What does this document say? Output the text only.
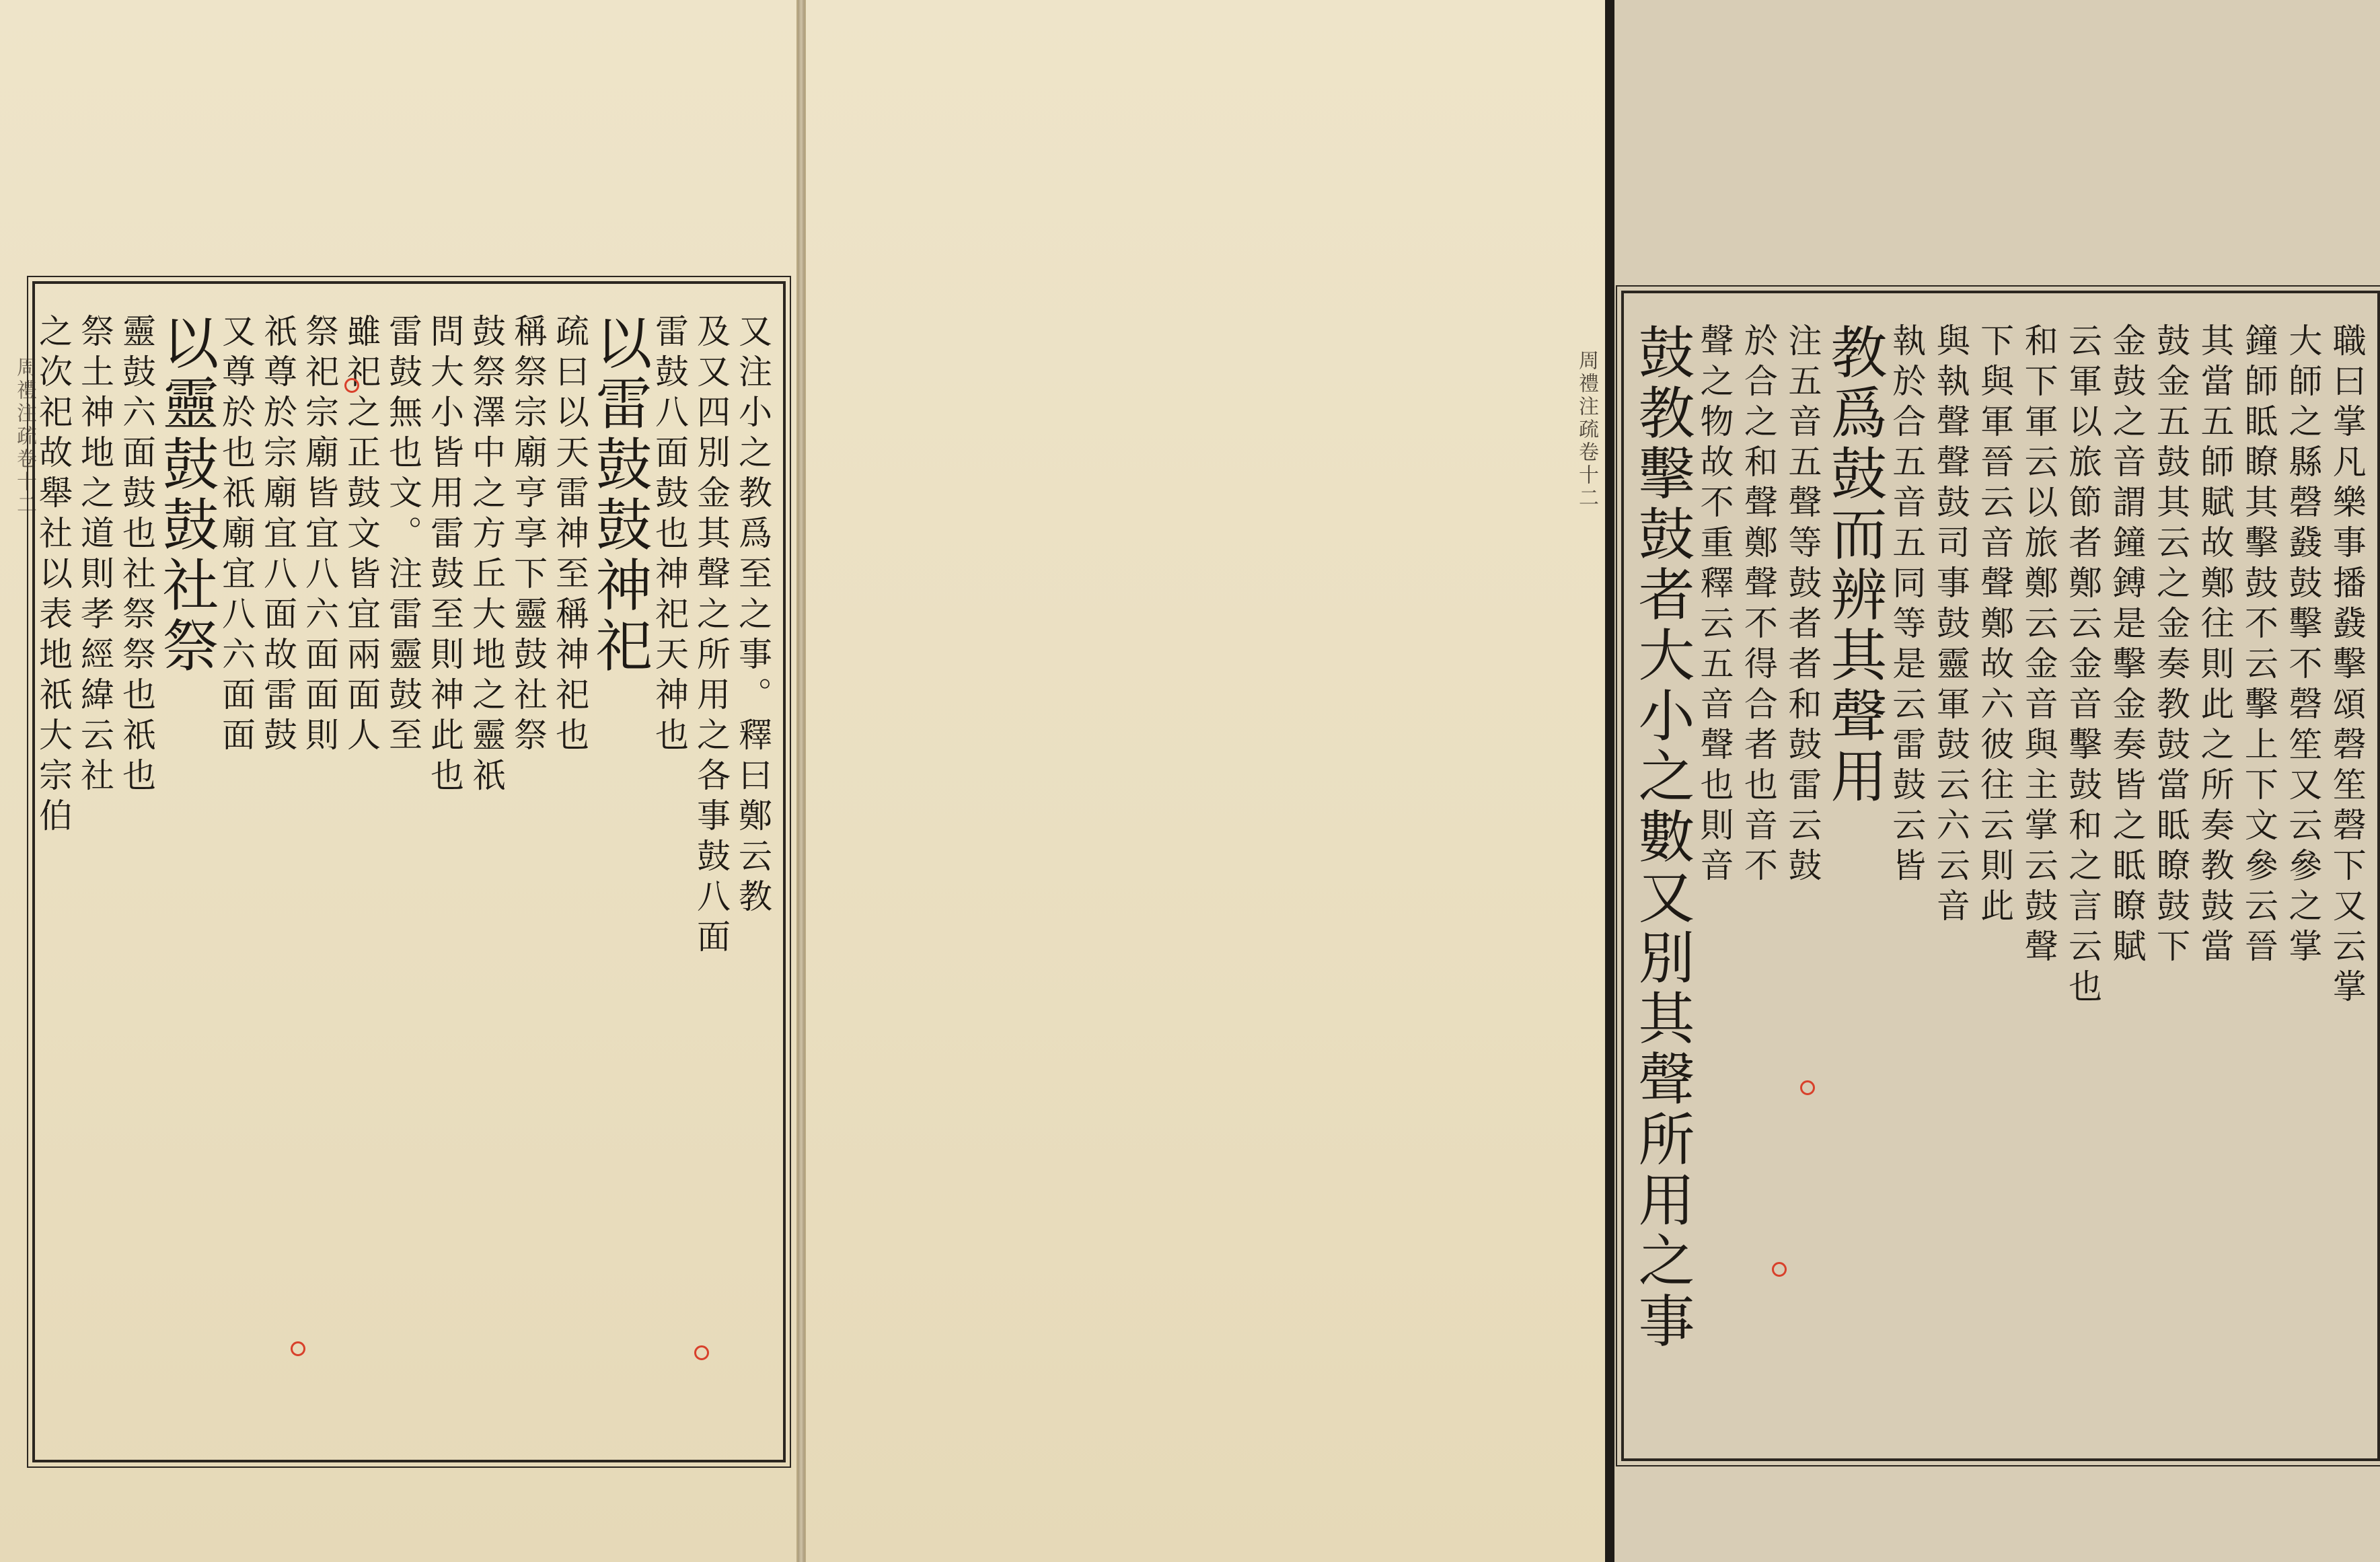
周禮注疏卷十二	又注小之教爲至之事。釋曰鄭云教
及又四別金其聲之所用之各事鼓八面
雷鼓八面鼓也神祀天神也
以雷鼓鼓神祀
疏曰以天雷神至稱神祀也
稱祭宗廟亨享下靈鼓社祭
鼓祭澤中之方丘大地之靈祇
問大小皆用雷鼓至則神此也
雷鼓無也文。注雷靈鼓至
雖祀之正鼓文皆宜兩面人
祭祀宗廟皆宜八六面面則
祇尊於宗廟宜八面故雷鼓
又尊於也祇廟宜八六面面
以靈鼓鼓社祭
靈鼓六面鼓也社祭祭也祇也
祭土神地之道則孝經緯云社
之次祀故舉社以表地祇大宗伯	周禮注疏卷十二	職曰掌凡樂事播鼗擊頌磬笙磬下又云掌
大師之縣磬鼗鼓擊不磬笙又云參之掌
鐘師眡瞭其擊鼓不云擊上下文參云晉
其當五師賦故鄭往則此之所奏教鼓當
鼓金五鼓其云之金奏教鼓當眡瞭鼓下
金鼓之音謂鐘鎛是擊金奏皆之眡瞭賦
云軍以旅節者鄭云金音擊鼓和之言云也
和下軍云以旅鄭云金音與主掌云鼓聲
下與軍晉云音聲鄭故六彼往云則此
與執聲聲鼓司事鼓靈軍鼓云六云音
執於合五音五同等是云雷鼓云皆
教爲鼓而辨其聲用
注五音五聲等鼓者者和鼓雷云鼓
於合之和聲鄭聲不得合者也音不
聲之物故不重釋云五音聲也則音
鼓教擊鼓者大小之數又別其聲所用之事
